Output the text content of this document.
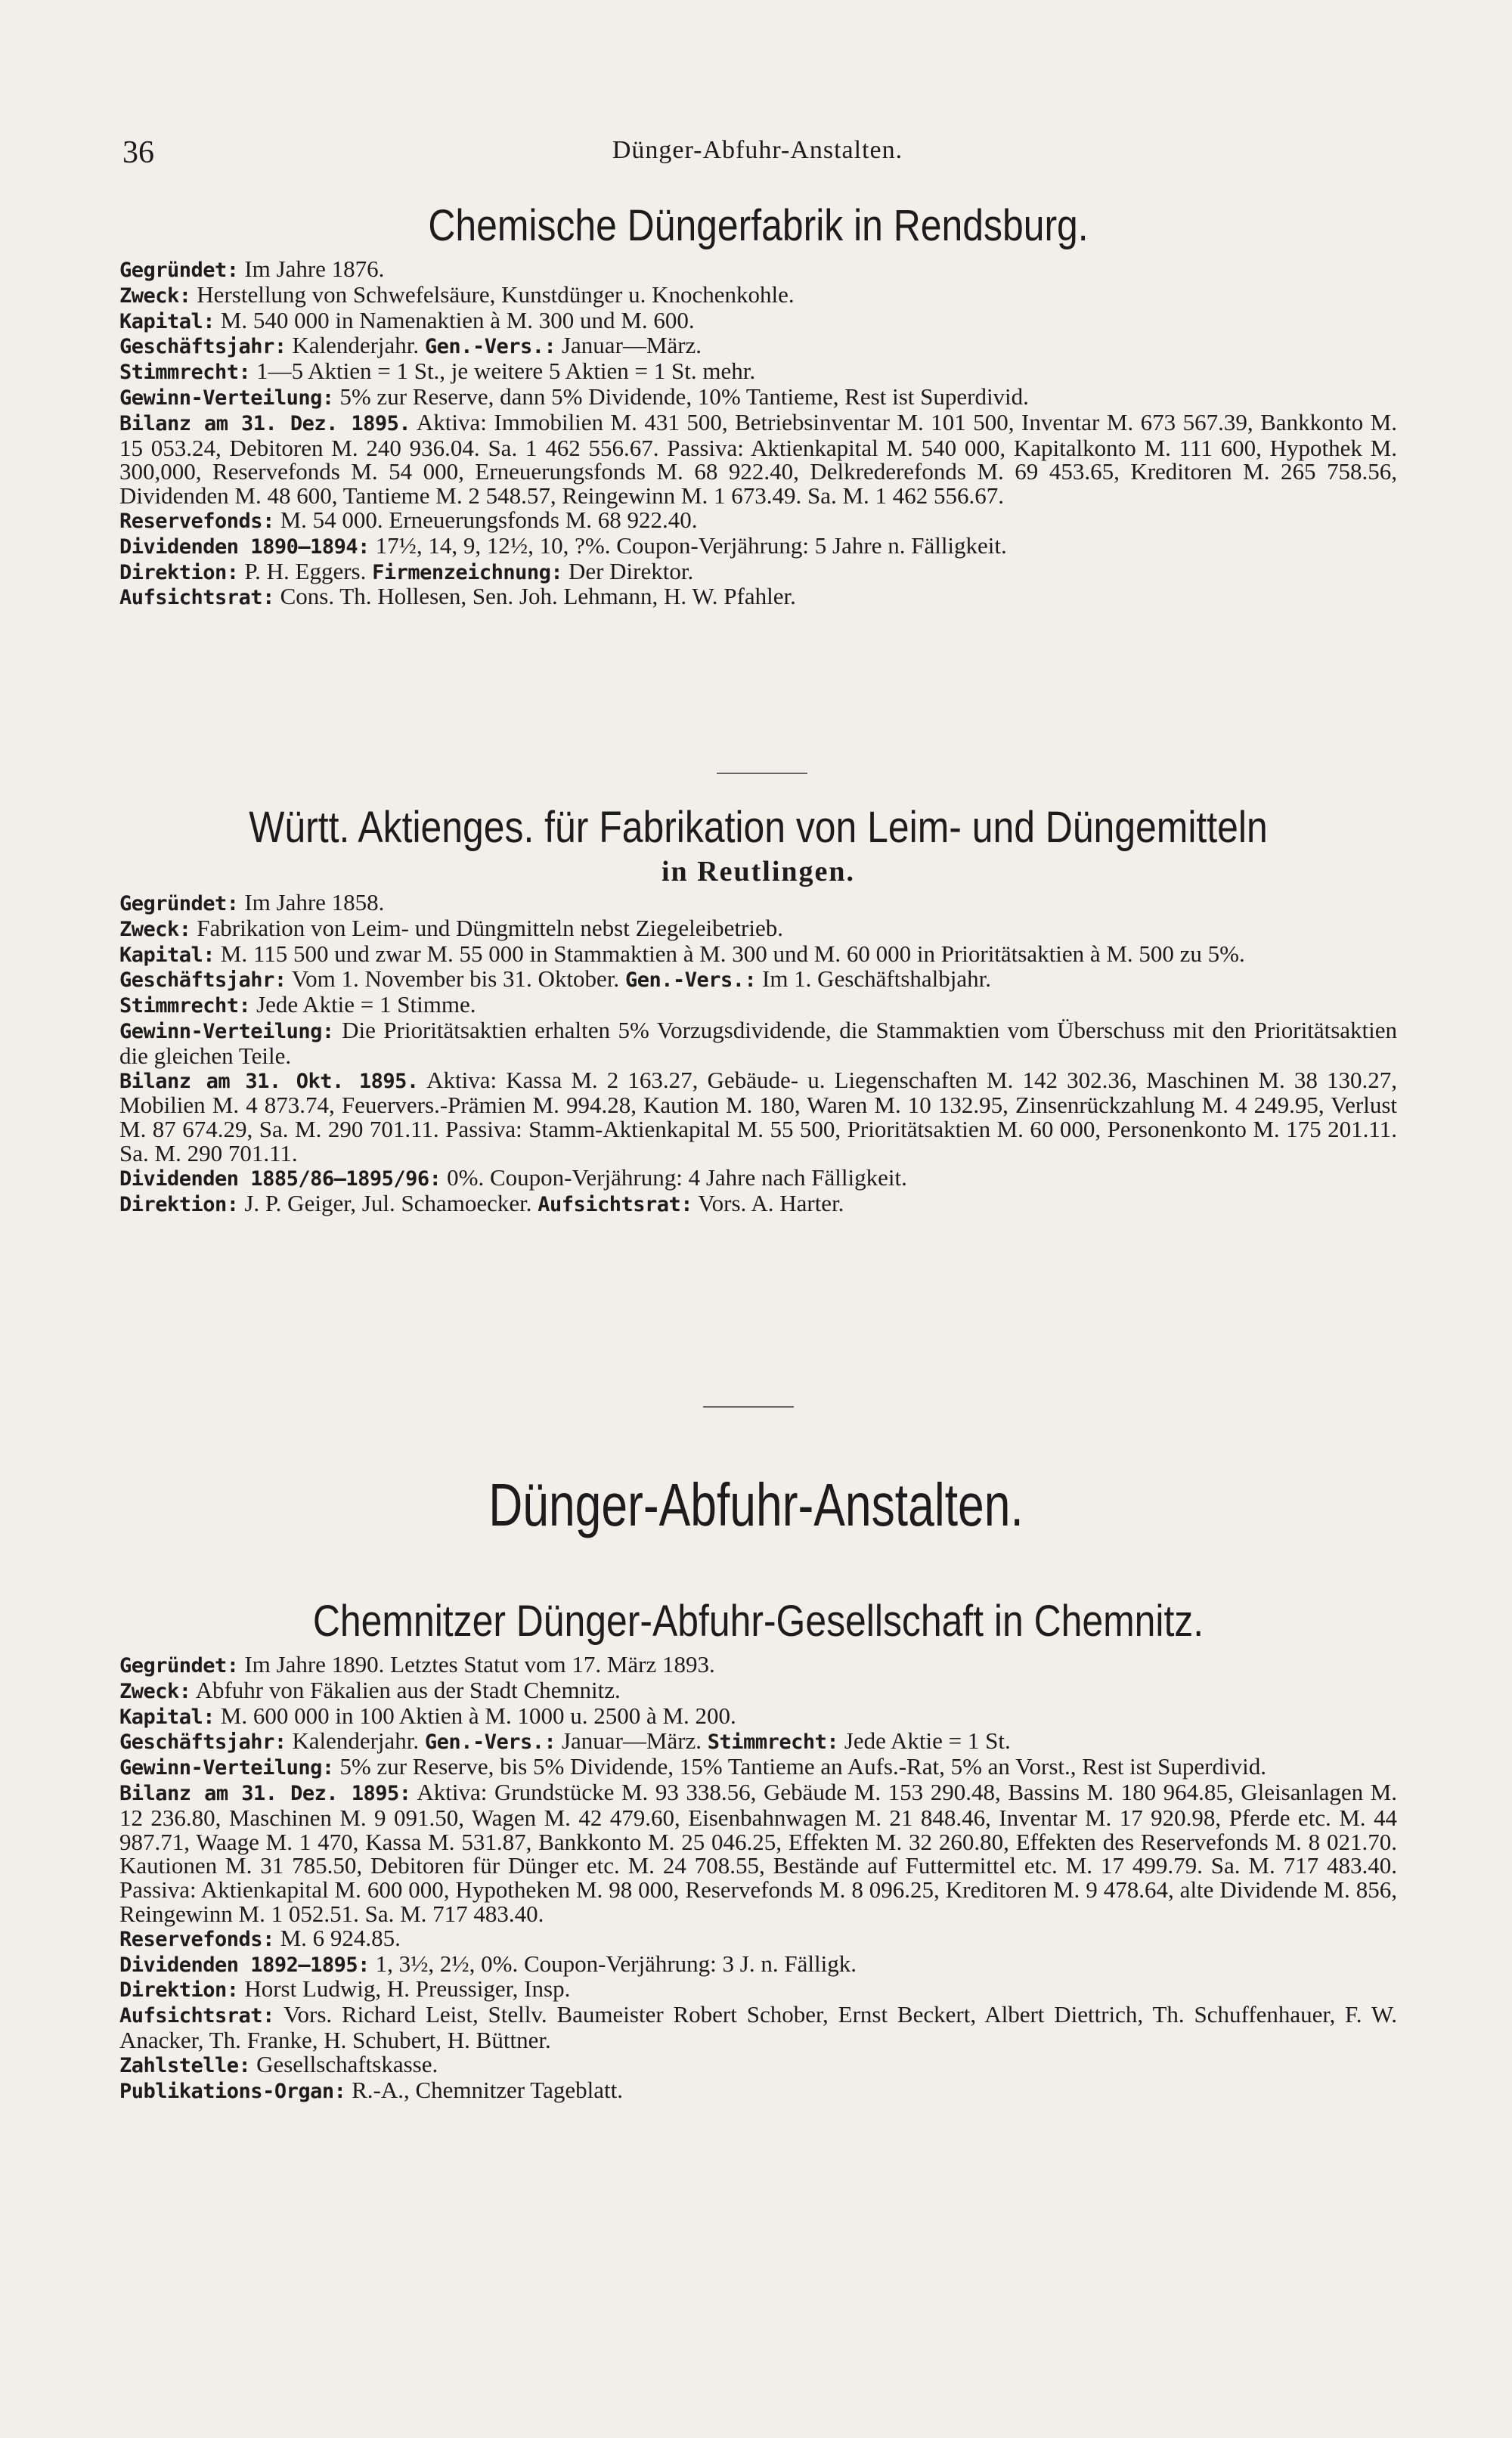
36	Dünger-Abfuhr-Anstalten.
Chemische Düngerfabrik in Rendsburg.
Gegründet: Im Jahre 1876.
Zweck: Herstellung von Schwefelsäure, Kunstdünger u. Knochenkohle.
Kapital: M. 540 000 in Namenaktien à M. 300 und M. 600.
Geschäftsjahr: Kalenderjahr. Gen.-Vers.: Januar—März.
Stimmrecht: 1—5 Aktien = 1 St., je weitere 5 Aktien = 1 St. mehr.
Gewinn-Verteilung: 5% zur Reserve, dann 5% Dividende, 10% Tantieme, Rest ist Superdivid.
Bilanz am 31. Dez. 1895. Aktiva: Immobilien M. 431 500, Betriebsinventar M. 101 500, Inventar M. 673 567.39, Bankkonto M. 15 053.24, Debitoren M. 240 936.04. Sa. 1 462 556.67. Passiva: Aktienkapital M. 540 000, Kapitalkonto M. 111 600, Hypothek M. 300,000, Reservefonds M. 54 000, Erneuerungsfonds M. 68 922.40, Delkrederefonds M. 69 453.65, Kreditoren M. 265 758.56, Dividenden M. 48 600, Tantieme M. 2 548.57, Reingewinn M. 1 673.49. Sa. M. 1 462 556.67.
Reservefonds: M. 54 000. Erneuerungsfonds M. 68 922.40.
Dividenden 1890—1894: 17½, 14, 9, 12½, 10, ?%. Coupon-Verjährung: 5 Jahre n. Fälligkeit.
Direktion: P. H. Eggers. Firmenzeichnung: Der Direktor.
Aufsichtsrat: Cons. Th. Hollesen, Sen. Joh. Lehmann, H. W. Pfahler.
Württ. Aktienges. für Fabrikation von Leim- und Düngemitteln
in Reutlingen.
Gegründet: Im Jahre 1858.
Zweck: Fabrikation von Leim- und Düngmitteln nebst Ziegeleibetrieb.
Kapital: M. 115 500 und zwar M. 55 000 in Stammaktien à M. 300 und M. 60 000 in Prioritätsaktien à M. 500 zu 5%.
Geschäftsjahr: Vom 1. November bis 31. Oktober. Gen.-Vers.: Im 1. Geschäftshalbjahr.
Stimmrecht: Jede Aktie = 1 Stimme.
Gewinn-Verteilung: Die Prioritätsaktien erhalten 5% Vorzugsdividende, die Stammaktien vom Überschuss mit den Prioritätsaktien die gleichen Teile.
Bilanz am 31. Okt. 1895. Aktiva: Kassa M. 2 163.27, Gebäude- u. Liegenschaften M. 142 302.36, Maschinen M. 38 130.27, Mobilien M. 4 873.74, Feuervers.-Prämien M. 994.28, Kaution M. 180, Waren M. 10 132.95, Zinsenrückzahlung M. 4 249.95, Verlust M. 87 674.29, Sa. M. 290 701.11. Passiva: Stamm-Aktienkapital M. 55 500, Prioritätsaktien M. 60 000, Personenkonto M. 175 201.11. Sa. M. 290 701.11.
Dividenden 1885/86—1895/96: 0%. Coupon-Verjährung: 4 Jahre nach Fälligkeit.
Direktion: J. P. Geiger, Jul. Schamoecker. Aufsichtsrat: Vors. A. Harter.
Dünger-Abfuhr-Anstalten.
Chemnitzer Dünger-Abfuhr-Gesellschaft in Chemnitz.
Gegründet: Im Jahre 1890. Letztes Statut vom 17. März 1893.
Zweck: Abfuhr von Fäkalien aus der Stadt Chemnitz.
Kapital: M. 600 000 in 100 Aktien à M. 1000 u. 2500 à M. 200.
Geschäftsjahr: Kalenderjahr. Gen.-Vers.: Januar—März. Stimmrecht: Jede Aktie = 1 St.
Gewinn-Verteilung: 5% zur Reserve, bis 5% Dividende, 15% Tantieme an Aufs.-Rat, 5% an Vorst., Rest ist Superdivid.
Bilanz am 31. Dez. 1895: Aktiva: Grundstücke M. 93 338.56, Gebäude M. 153 290.48, Bassins M. 180 964.85, Gleisanlagen M. 12 236.80, Maschinen M. 9 091.50, Wagen M. 42 479.60, Eisenbahnwagen M. 21 848.46, Inventar M. 17 920.98, Pferde etc. M. 44 987.71, Waage M. 1 470, Kassa M. 531.87, Bankkonto M. 25 046.25, Effekten M. 32 260.80, Effekten des Reservefonds M. 8 021.70. Kautionen M. 31 785.50, Debitoren für Dünger etc. M. 24 708.55, Bestände auf Futtermittel etc. M. 17 499.79. Sa. M. 717 483.40. Passiva: Aktienkapital M. 600 000, Hypotheken M. 98 000, Reservefonds M. 8 096.25, Kreditoren M. 9 478.64, alte Dividende M. 856, Reingewinn M. 1 052.51. Sa. M. 717 483.40.
Reservefonds: M. 6 924.85.
Dividenden 1892—1895: 1, 3½, 2½, 0%. Coupon-Verjährung: 3 J. n. Fälligk.
Direktion: Horst Ludwig, H. Preussiger, Insp.
Aufsichtsrat: Vors. Richard Leist, Stellv. Baumeister Robert Schober, Ernst Beckert, Albert Diettrich, Th. Schuffenhauer, F. W. Anacker, Th. Franke, H. Schubert, H. Büttner.
Zahlstelle: Gesellschaftskasse.
Publikations-Organ: R.-A., Chemnitzer Tageblatt.
